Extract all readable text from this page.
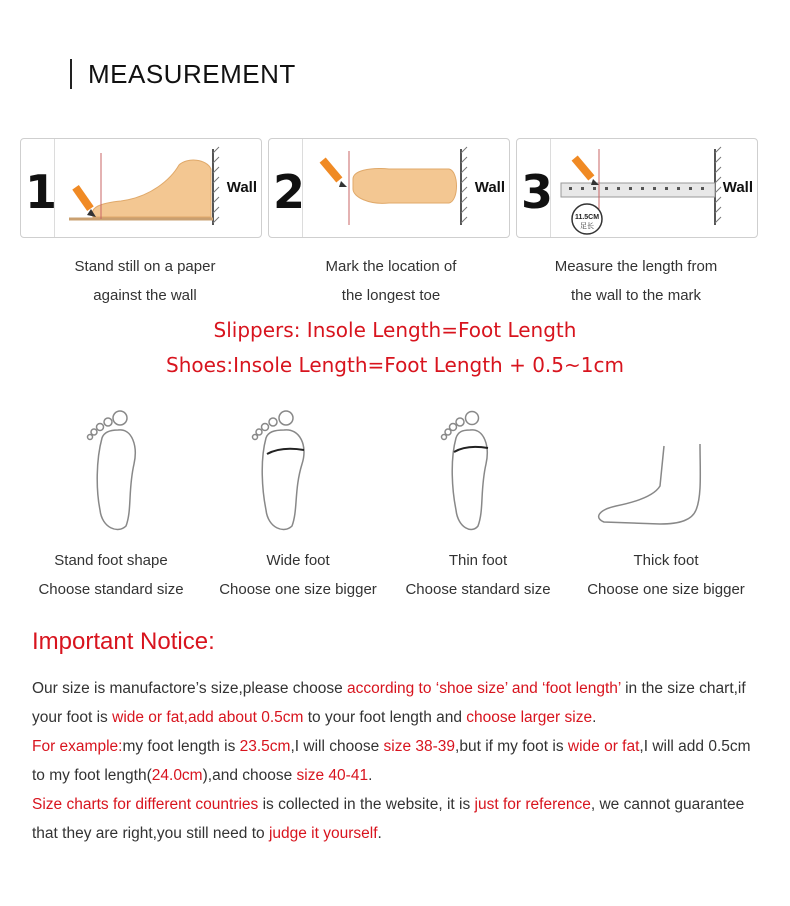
MEASUREMENT
1	Wall 2	Wall 3	11.5CM
足长
Wall
Stand still on a paper
against the wall
Mark the location of
the longest toe
Measure the length from
the wall to the mark
Slippers: Insole Length=Foot Length
Shoes:Insole Length=Foot Length + 0.5~1cm
Stand foot shape
Choose standard size
Wide foot
Choose one size bigger
Thin foot
Choose standard size
Thick foot
Choose one size bigger
Important Notice:
Our size is manufactore’s size,please choose according to ‘shoe size’ and ‘foot length’ in the size chart,if your foot is wide or fat,add about 0.5cm to your foot length and choose larger size.
For example:my foot length is 23.5cm,I will choose size 38-39,but if my foot is wide or fat,I will add 0.5cm to my foot length(24.0cm),and choose size 40-41.
Size charts for different countries is collected in the website, it is just for reference, we cannot guarantee that they are right,you still need to judge it yourself.
